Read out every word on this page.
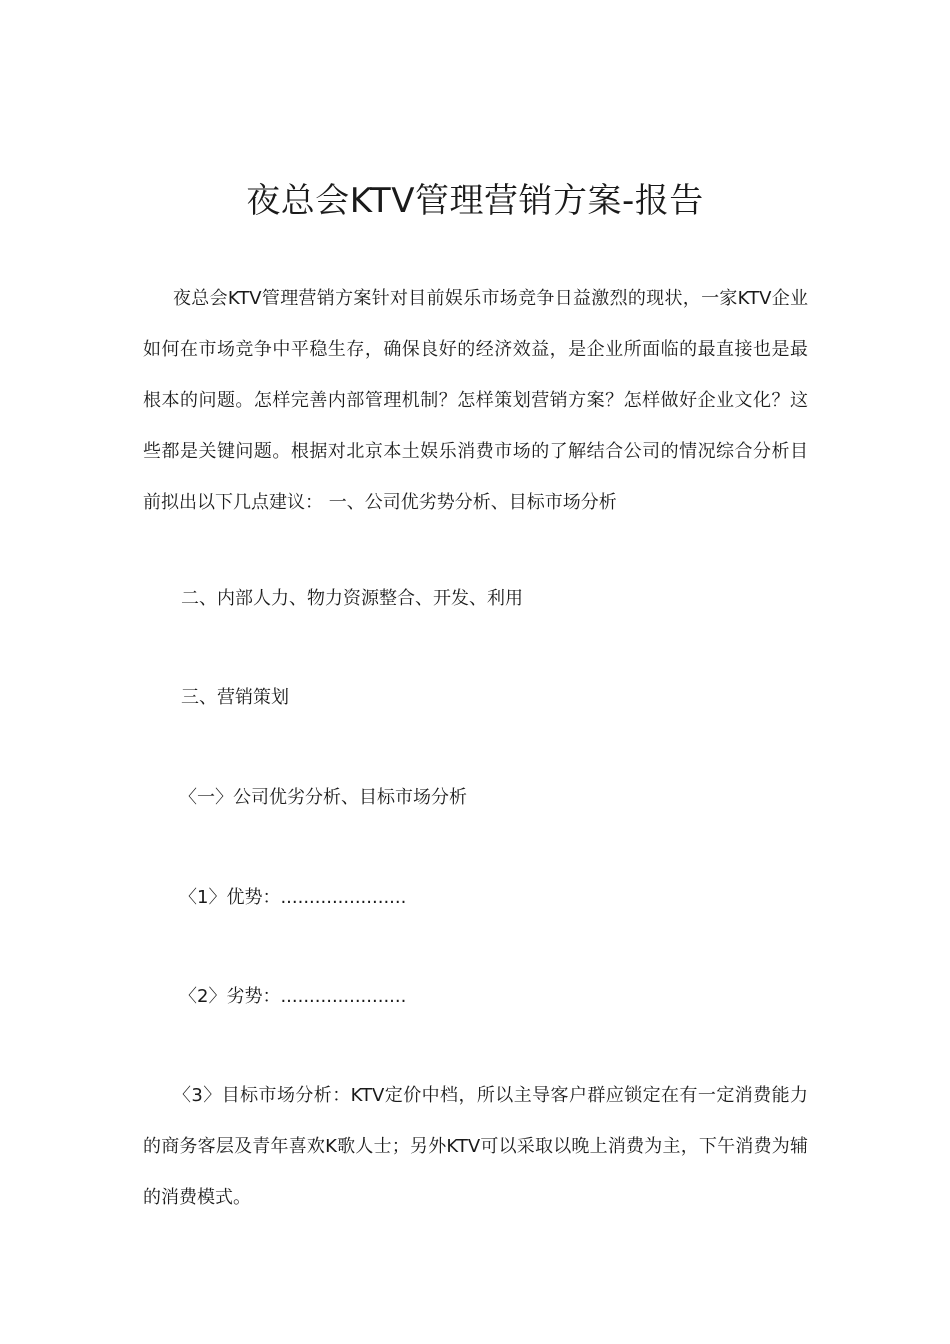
夜总会KTV管理营销方案-报告

夜总会KTV管理营销方案针对目前娱乐市场竞争日益激烈的现状，一家KTV企业如何在市场竞争中平稳生存，确保良好的经济效益，是企业所面临的最直接也是最根本的问题。怎样完善内部管理机制？怎样策划营销方案？怎样做好企业文化？这些都是关键问题。根据对北京本土娱乐消费市场的了解结合公司的情况综合分析目前拟出以下几点建议： 一、公司优劣势分析、目标市场分析

二、内部人力、物力资源整合、开发、利用

三、营销策划

〈一〉公司优劣分析、目标市场分析

〈1〉优势：......................

〈2〉劣势：......................

〈3〉目标市场分析：KTV定价中档，所以主导客户群应锁定在有一定消费能力的商务客层及青年喜欢K歌人士；另外KTV可以采取以晚上消费为主，下午消费为辅的消费模式。
